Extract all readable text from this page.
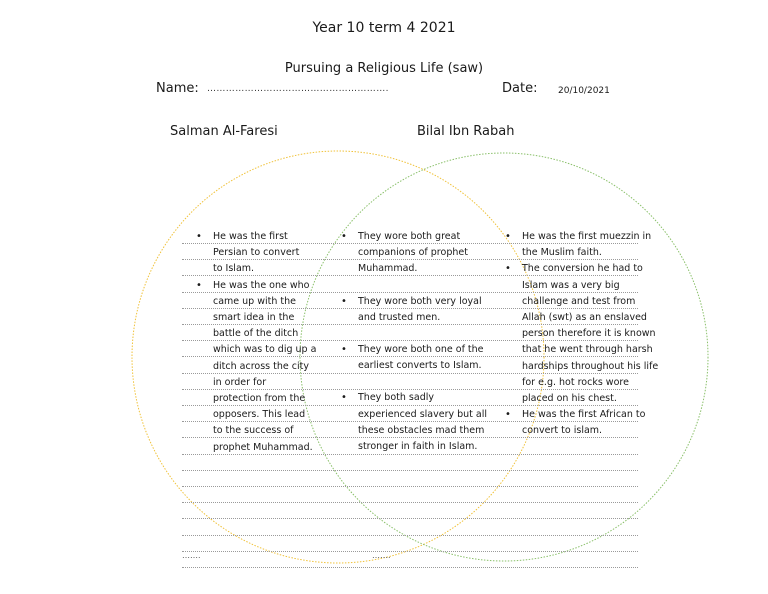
Year 10 term 4 2021
Pursuing a Religious Life (saw)
Name: ………………………………………………….	Date: 20/10/2021
Salman Al-Faresi	Bilal Ibn Rabah
• He was the first
Persian to convert
to Islam.
• He was the one who
came up with the
smart idea in the
battle of the ditch
which was to dig up a
ditch across the city
in order for
protection from the
opposers. This lead
to the success of
prophet Muhammad.
• They wore both great
companions of prophet
Muhammad.
• They wore both very loyal
and trusted men.
• They wore both one of the
earliest converts to Islam.
• They both sadly
experienced slavery but all
these obstacles mad them
stronger in faith in Islam.
• He was the first muezzin in
the Muslim faith.
• The conversion he had to
Islam was a very big
challenge and test from
Allah (swt) as an enslaved
person therefore it is known
that he went through harsh
hardships throughout his life
for e.g. hot rocks wore
placed on his chest.
• He was the first African to
convert to islam.
…….	…….
